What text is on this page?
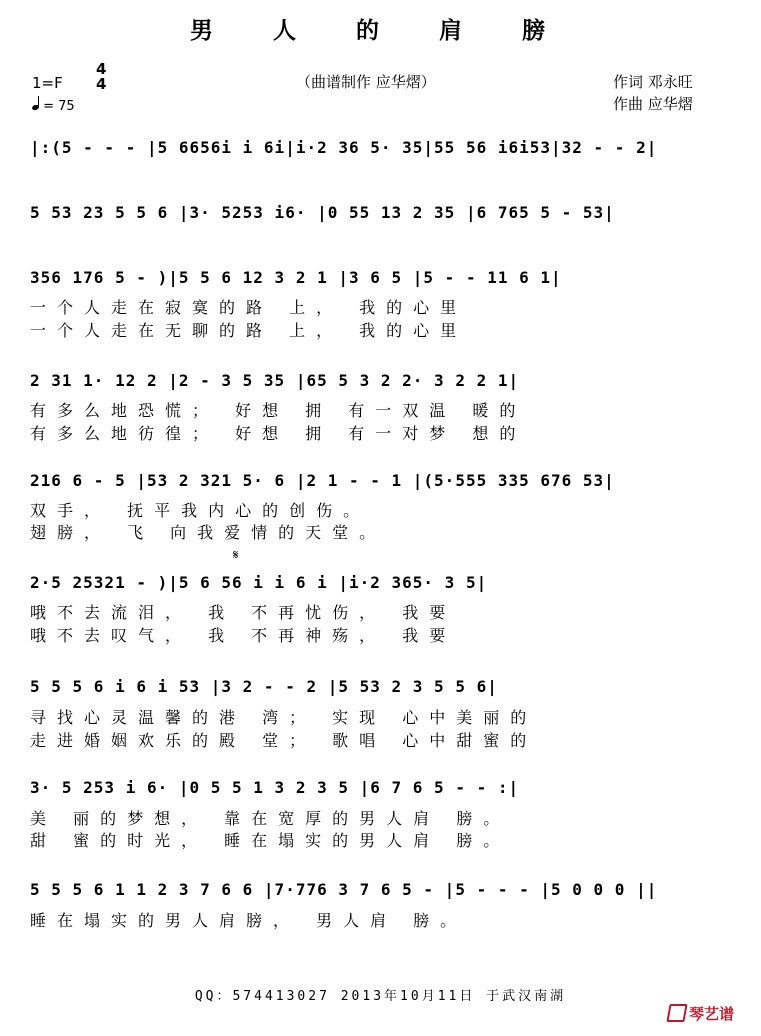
男 人 的 肩 膀
1=F
4
4
= 75
（曲谱制作 应华熠）	作词 邓永旺
作曲 应华熠
|:(5 - - - |5 6656i i 6i|i·2 36 5· 35|55 56 i6i53|32 - - 2|
5 53 23 5 5 6 |3· 5253 i6· |0 55 13 2 35 |6 765 5 - 53|
356 176 5 - )|5 5 6 12 3 2 1 |3 6 5 |5 - - 11 6 1|
一个人走在寂寞的路 上， 我的心里
一个人走在无聊的路 上， 我的心里
2 31 1· 12 2 |2 - 3 5 35 |65 5 3 2 2· 3 2 2 1|
有多么地恐慌； 好想 拥 有一双温 暖的
有多么地彷徨； 好想 拥 有一对梦 想的
216 6 - 5 |53 2 321 5· 6 |2 1 - - 1 |(5·555 335 676 53|
双手， 抚平我内心的创伤。
翅膀， 飞 向我爱情的天堂。
𝄋
2·5 25321 - )|5 6 56 i i 6 i |i·2 365· 3 5|
哦不去流泪， 我 不再忧伤， 我要
哦不去叹气， 我 不再神殇， 我要
5 5 5 6 i 6 i 53 |3 2 - - 2 |5 53 2 3 5 5 6|
寻找心灵温馨的港 湾； 实现 心中美丽的
走进婚姻欢乐的殿 堂； 歌唱 心中甜蜜的
3· 5 253 i 6· |0 5 5 1 3 2 3 5 |6 7 6 5 - - :|
美 丽的梦想， 靠在宽厚的男人肩 膀。
甜 蜜的时光， 睡在塌实的男人肩 膀。
5 5 5 6 1 1 2 3 7 6 6 |7·776 3 7 6 5 - |5 - - - |5 0 0 0 ||
睡在塌实的男人肩膀， 男人肩 膀。
QQ：574413027 2013年10月11日 于武汉南湖
琴艺谱
